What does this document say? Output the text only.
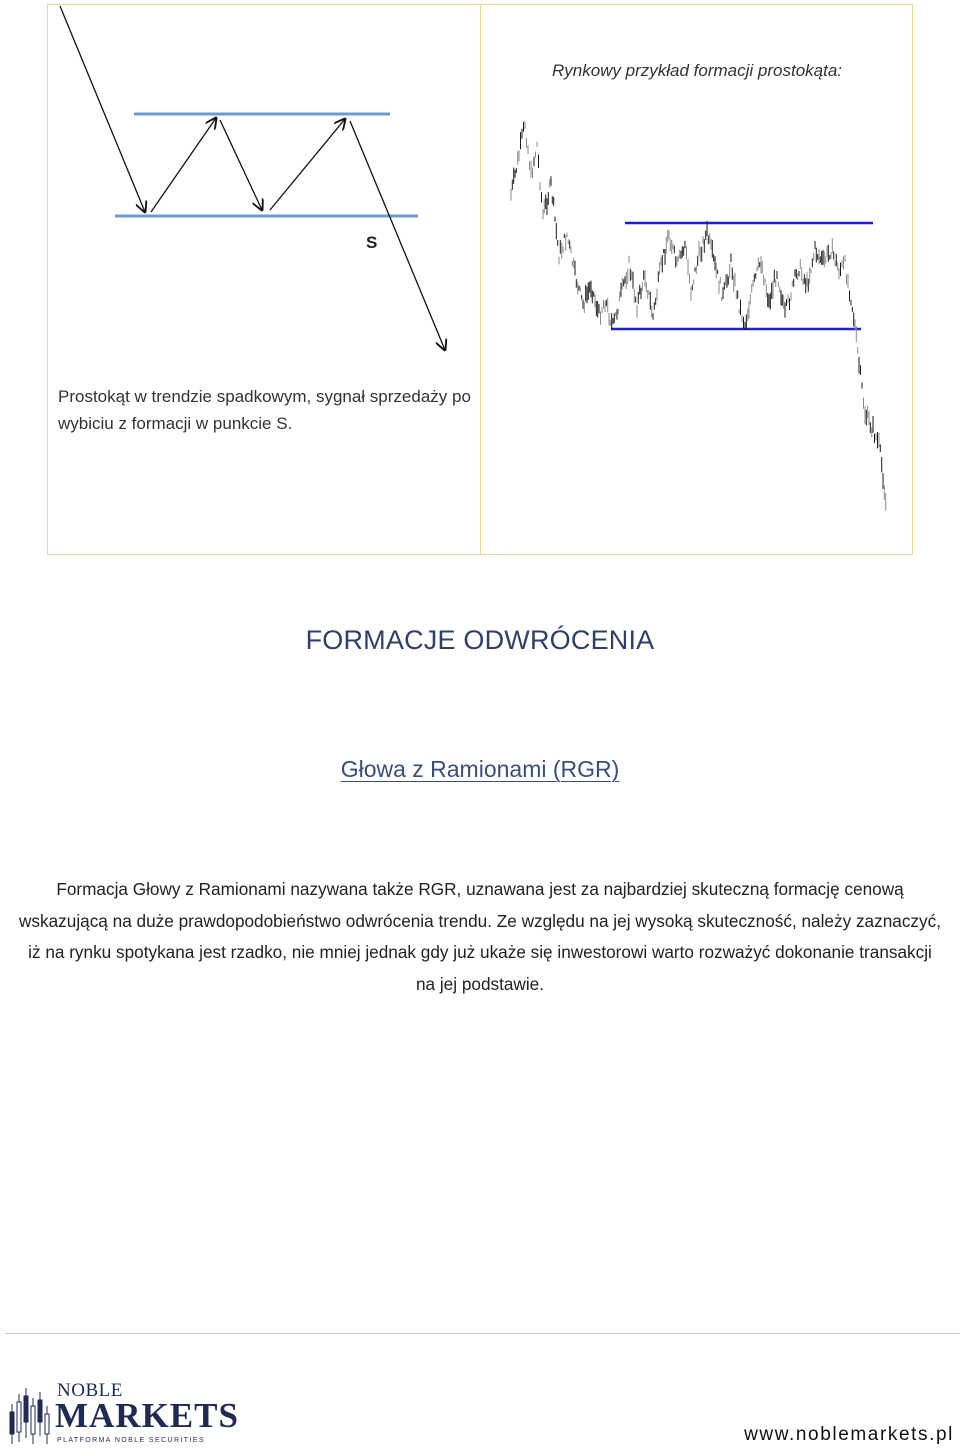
S
Prostokąt w trendzie spadkowym, sygnał sprzedaży po wybiciu z formacji w punkcie S.
Rynkowy przykład formacji prostokąta:
FORMACJE ODWRÓCENIA
Głowa z Ramionami (RGR)
Formacja Głowy z Ramionami nazywana także RGR, uznawana jest za najbardziej skuteczną formację cenową wskazującą na duże prawdopodobieństwo odwrócenia trendu. Ze względu na jej wysoką skuteczność, należy zaznaczyć, iż na rynku spotykana jest rzadko, nie mniej jednak gdy już ukaże się inwestorowi warto rozważyć dokonanie transakcji na jej podstawie.
NOBLE
MARKETS
PLATFORMA NOBLE SECURITIES	www.noblemarkets.pl
